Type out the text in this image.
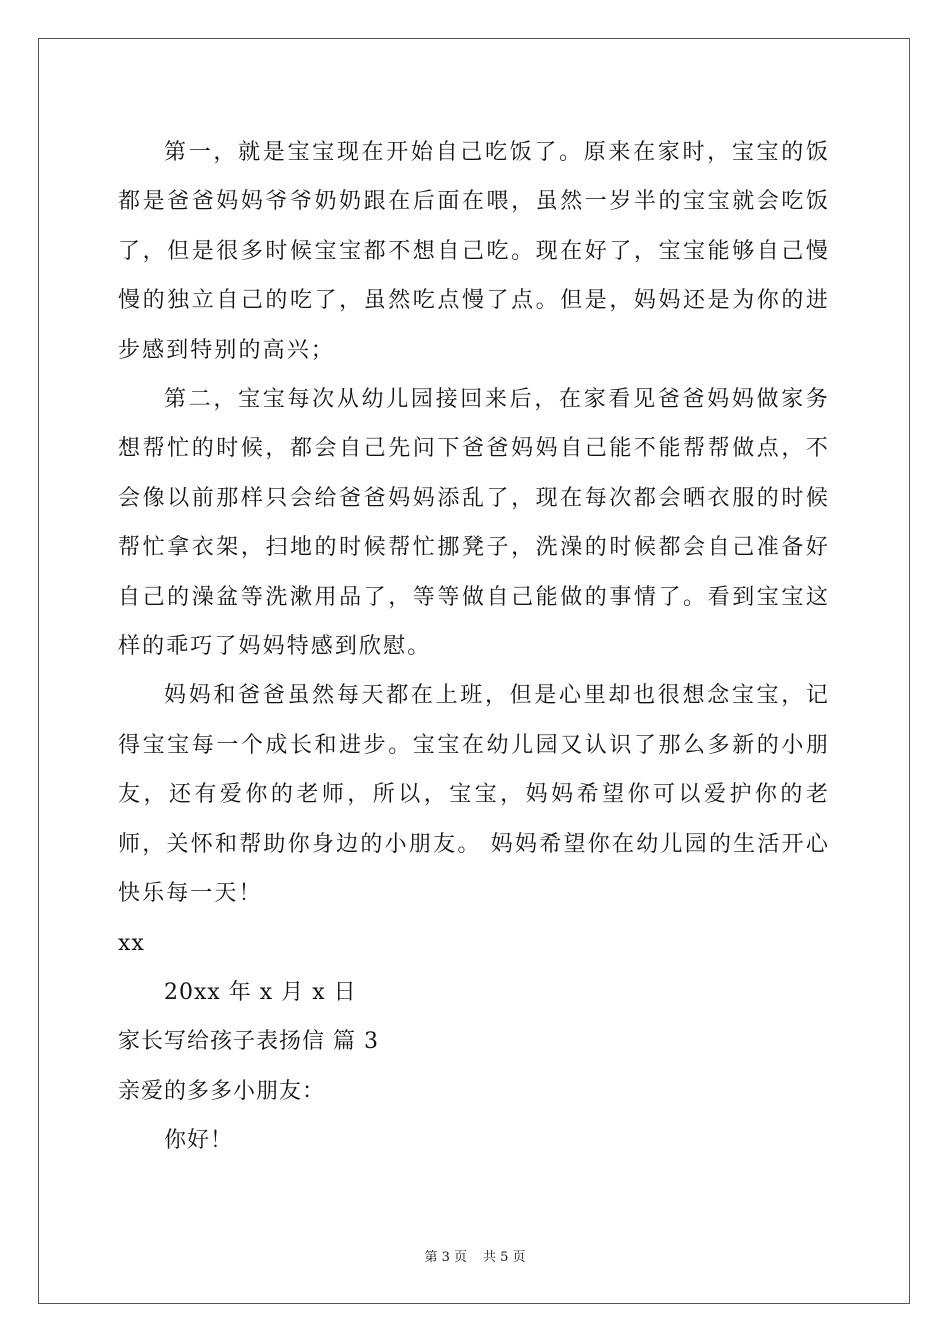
第一，就是宝宝现在开始自己吃饭了。原来在家时，宝宝的饭都是爸爸妈妈爷爷奶奶跟在后面在喂，虽然一岁半的宝宝就会吃饭了，但是很多时候宝宝都不想自己吃。现在好了，宝宝能够自己慢慢的独立自己的吃了，虽然吃点慢了点。但是，妈妈还是为你的进步感到特别的高兴；

第二，宝宝每次从幼儿园接回来后，在家看见爸爸妈妈做家务想帮忙的时候，都会自己先问下爸爸妈妈自己能不能帮帮做点，不会像以前那样只会给爸爸妈妈添乱了，现在每次都会晒衣服的时候帮忙拿衣架，扫地的时候帮忙挪凳子，洗澡的时候都会自己准备好自己的澡盆等洗漱用品了，等等做自己能做的事情了。看到宝宝这样的乖巧了妈妈特感到欣慰。

妈妈和爸爸虽然每天都在上班，但是心里却也很想念宝宝，记得宝宝每一个成长和进步。宝宝在幼儿园又认识了那么多新的小朋友，还有爱你的老师，所以，宝宝，妈妈希望你可以爱护你的老师，关怀和帮助你身边的小朋友。 妈妈希望你在幼儿园的生活开心快乐每一天！

xx

20xx 年 x 月 x 日

家长写给孩子表扬信 篇 3

亲爱的多多小朋友：

你好！

第 3 页 共 5 页
